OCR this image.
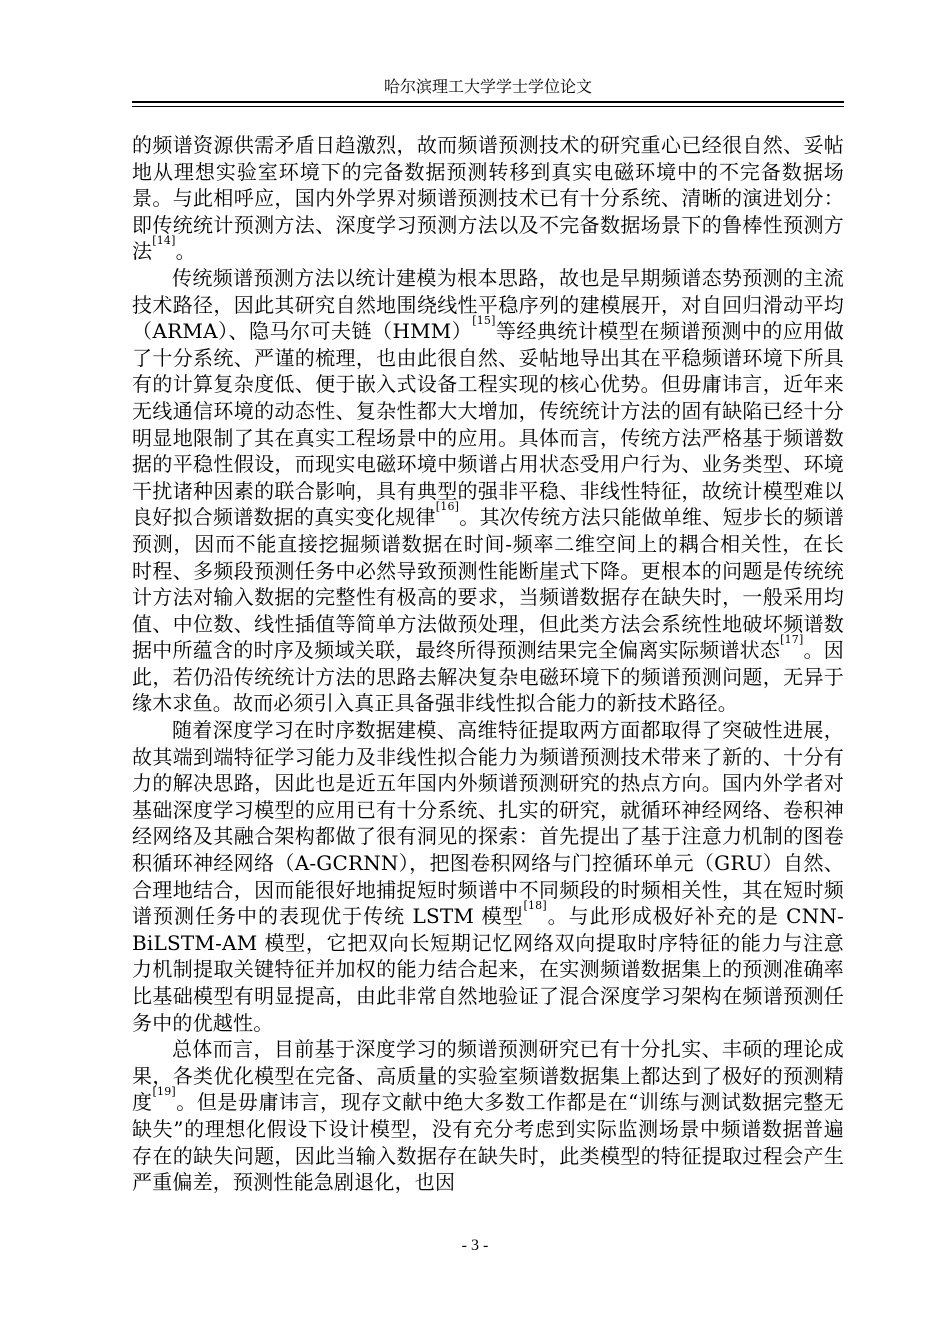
哈尔滨理工大学学士学位论文

的频谱资源供需矛盾日趋激烈，故而频谱预测技术的研究重心已经很自然、妥帖地从理想实验室环境下的完备数据预测转移到真实电磁环境中的不完备数据场景。与此相呼应，国内外学界对频谱预测技术已有十分系统、清晰的演进划分：即传统统计预测方法、深度学习预测方法以及不完备数据场景下的鲁棒性预测方法[14]。

传统频谱预测方法以统计建模为根本思路，故也是早期频谱态势预测的主流技术路径，因此其研究自然地围绕线性平稳序列的建模展开，对自回归滑动平均（ARMA）、隐马尔可夫链（HMM）[15]等经典统计模型在频谱预测中的应用做了十分系统、严谨的梳理，也由此很自然、妥帖地导出其在平稳频谱环境下所具有的计算复杂度低、便于嵌入式设备工程实现的核心优势。但毋庸讳言，近年来无线通信环境的动态性、复杂性都大大增加，传统统计方法的固有缺陷已经十分明显地限制了其在真实工程场景中的应用。具体而言，传统方法严格基于频谱数据的平稳性假设，而现实电磁环境中频谱占用状态受用户行为、业务类型、环境干扰诸种因素的联合影响，具有典型的强非平稳、非线性特征，故统计模型难以良好拟合频谱数据的真实变化规律[16]。其次传统方法只能做单维、短步长的频谱预测，因而不能直接挖掘频谱数据在时间-频率二维空间上的耦合相关性，在长时程、多频段预测任务中必然导致预测性能断崖式下降。更根本的问题是传统统计方法对输入数据的完整性有极高的要求，当频谱数据存在缺失时，一般采用均值、中位数、线性插值等简单方法做预处理，但此类方法会系统性地破坏频谱数据中所蕴含的时序及频域关联，最终所得预测结果完全偏离实际频谱状态[17]。因此，若仍沿传统统计方法的思路去解决复杂电磁环境下的频谱预测问题，无异于缘木求鱼。故而必须引入真正具备强非线性拟合能力的新技术路径。

随着深度学习在时序数据建模、高维特征提取两方面都取得了突破性进展，故其端到端特征学习能力及非线性拟合能力为频谱预测技术带来了新的、十分有力的解决思路，因此也是近五年国内外频谱预测研究的热点方向。国内外学者对基础深度学习模型的应用已有十分系统、扎实的研究，就循环神经网络、卷积神经网络及其融合架构都做了很有洞见的探索：首先提出了基于注意力机制的图卷积循环神经网络（A-GCRNN），把图卷积网络与门控循环单元（GRU）自然、合理地结合，因而能很好地捕捉短时频谱中不同频段的时频相关性，其在短时频谱预测任务中的表现优于传统 LSTM 模型[18]。与此形成极好补充的是 CNN-BiLSTM-AM 模型，它把双向长短期记忆网络双向提取时序特征的能力与注意力机制提取关键特征并加权的能力结合起来，在实测频谱数据集上的预测准确率比基础模型有明显提高，由此非常自然地验证了混合深度学习架构在频谱预测任务中的优越性。

总体而言，目前基于深度学习的频谱预测研究已有十分扎实、丰硕的理论成果，各类优化模型在完备、高质量的实验室频谱数据集上都达到了极好的预测精度[19]。但是毋庸讳言，现存文献中绝大多数工作都是在“训练与测试数据完整无缺失”的理想化假设下设计模型，没有充分考虑到实际监测场景中频谱数据普遍存在的缺失问题，因此当输入数据存在缺失时，此类模型的特征提取过程会产生严重偏差，预测性能急剧退化，也因

- 3 -
